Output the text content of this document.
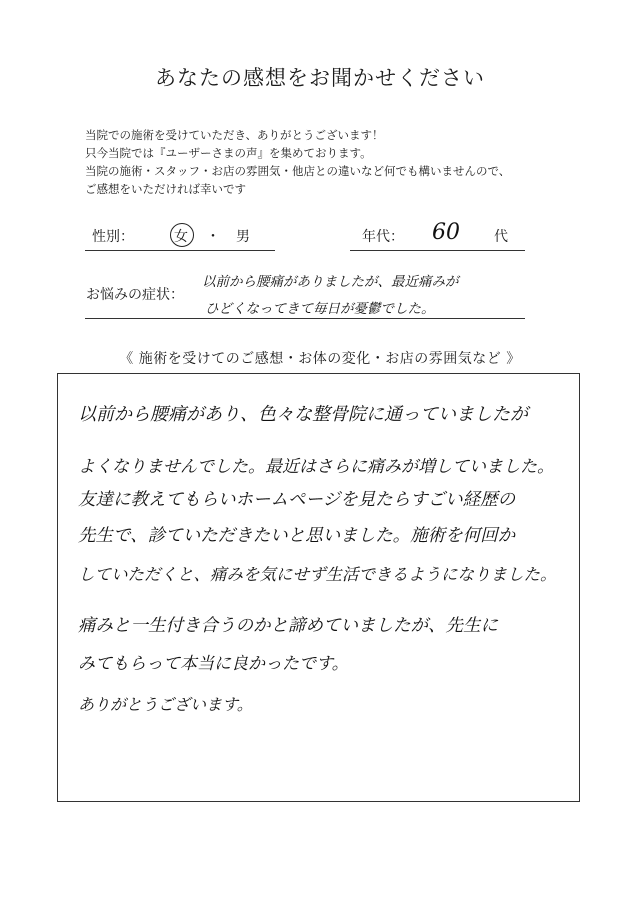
あなたの感想をお聞かせください
当院での施術を受けていただき、ありがとうございます！
只今当院では『ユーザーさまの声』を集めております。
当院の施術・スタッフ・お店の雰囲気・他店との違いなど何でも構いませんので、
ご感想をいただければ幸いです
性別：	女 ・ 男	年代： 60 代
お悩みの症状：
以前から腰痛がありましたが、最近痛みが
ひどくなってきて毎日が憂鬱でした。
《 施術を受けてのご感想・お体の変化・お店の雰囲気など 》
以前から腰痛があり、色々な整骨院に通っていましたが
よくなりませんでした。最近はさらに痛みが増していました。
友達に教えてもらいホームページを見たらすごい経歴の
先生で、診ていただきたいと思いました。施術を何回か
していただくと、痛みを気にせず生活できるようになりました。
痛みと一生付き合うのかと諦めていましたが、先生に
みてもらって本当に良かったです。
ありがとうございます。
